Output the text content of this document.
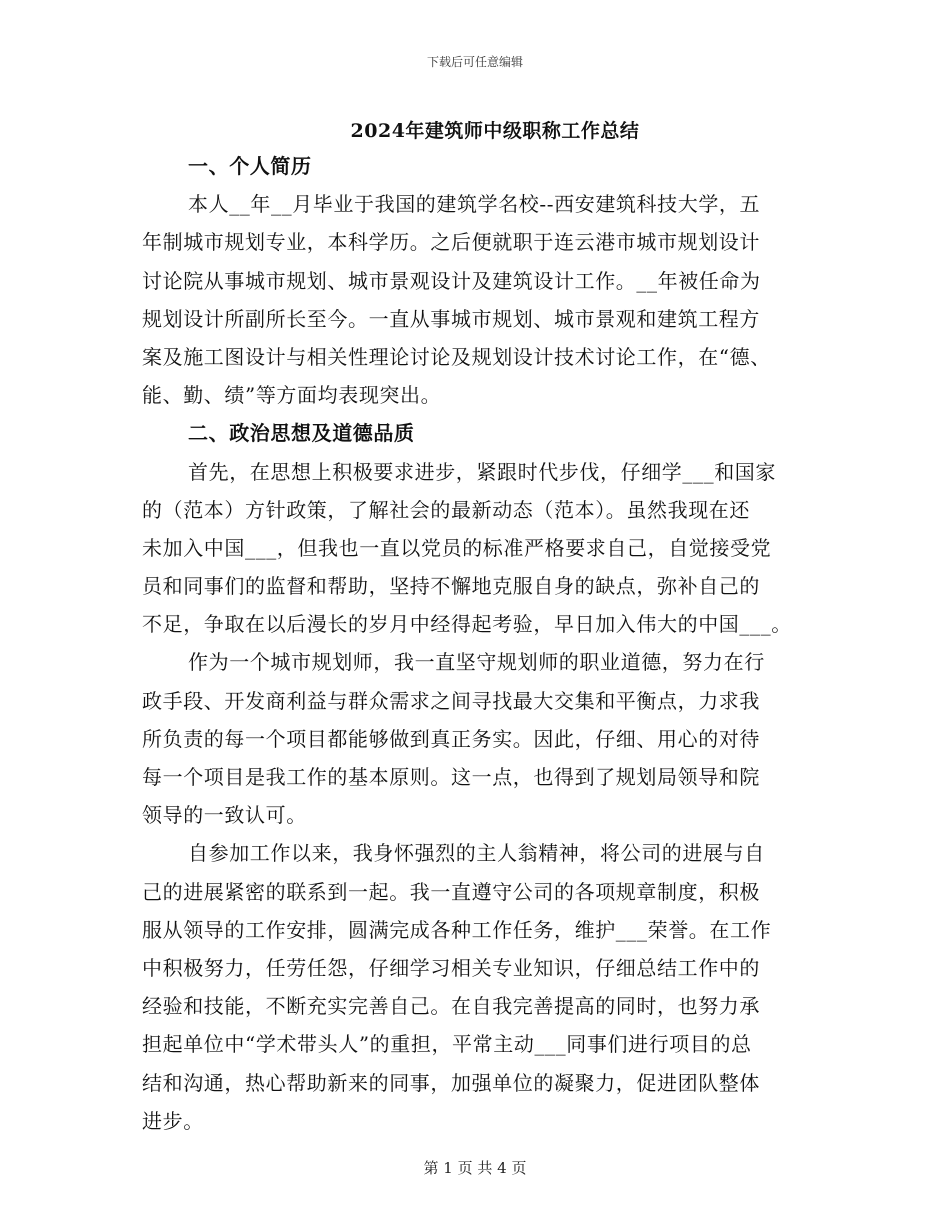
下载后可任意编辑
2024年建筑师中级职称工作总结
一、个人简历
本人__年__月毕业于我国的建筑学名校--西安建筑科技大学，五
年制城市规划专业，本科学历。之后便就职于连云港市城市规划设计
讨论院从事城市规划、城市景观设计及建筑设计工作。__年被任命为
规划设计所副所长至今。一直从事城市规划、城市景观和建筑工程方
案及施工图设计与相关性理论讨论及规划设计技术讨论工作，在“德、
能、勤、绩”等方面均表现突出。
二、政治思想及道德品质
首先，在思想上积极要求进步，紧跟时代步伐，仔细学___和国家
的（范本）方针政策，了解社会的最新动态（范本）。虽然我现在还
未加入中国___，但我也一直以党员的标准严格要求自己，自觉接受党
员和同事们的监督和帮助，坚持不懈地克服自身的缺点，弥补自己的
不足，争取在以后漫长的岁月中经得起考验，早日加入伟大的中国___。
作为一个城市规划师，我一直坚守规划师的职业道德，努力在行
政手段、开发商利益与群众需求之间寻找最大交集和平衡点，力求我
所负责的每一个项目都能够做到真正务实。因此，仔细、用心的对待
每一个项目是我工作的基本原则。这一点，也得到了规划局领导和院
领导的一致认可。
自参加工作以来，我身怀强烈的主人翁精神，将公司的进展与自
己的进展紧密的联系到一起。我一直遵守公司的各项规章制度，积极
服从领导的工作安排，圆满完成各种工作任务，维护___荣誉。在工作
中积极努力，任劳任怨，仔细学习相关专业知识，仔细总结工作中的
经验和技能，不断充实完善自己。在自我完善提高的同时，也努力承
担起单位中“学术带头人”的重担，平常主动___同事们进行项目的总
结和沟通，热心帮助新来的同事，加强单位的凝聚力，促进团队整体
进步。
第 1 页 共 4 页
